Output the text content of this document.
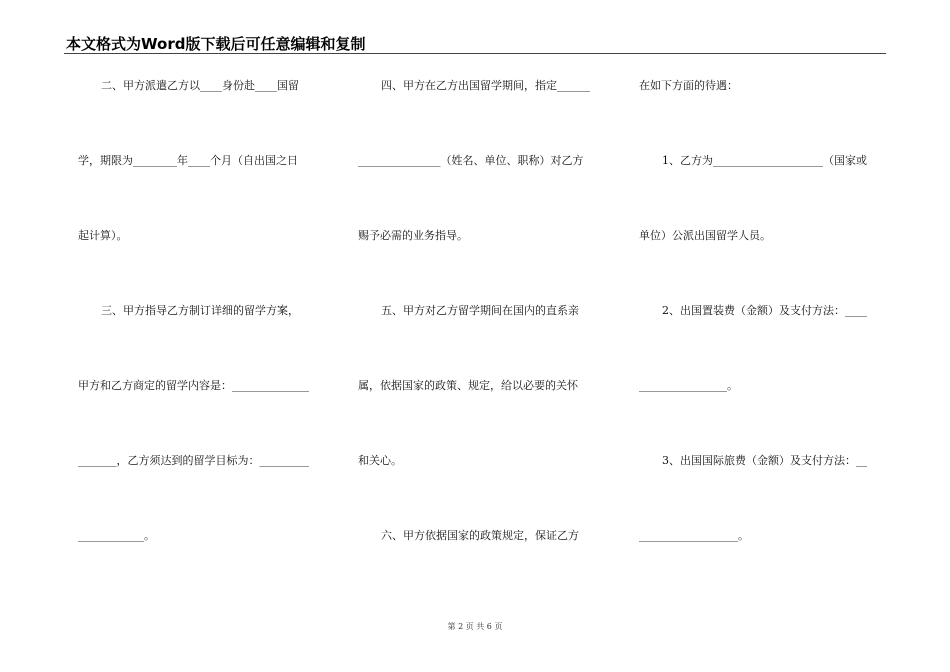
本文格式为Word版下载后可任意编辑和复制
二、甲方派遣乙方以____身份赴____国留
学，期限为________年____个月（自出国之日
起计算）。
三、甲方指导乙方制订详细的留学方案，
甲方和乙方商定的留学内容是：______________
_______，乙方须达到的留学目标为：_________
____________。
四、甲方在乙方出国留学期间，指定______
_______________（姓名、单位、职称）对乙方
赐予必需的业务指导。
五、甲方对乙方留学期间在国内的直系亲
属，依据国家的政策、规定，给以必要的关怀
和关心。
六、甲方依据国家的政策规定，保证乙方
在如下方面的待遇：
1、乙方为____________________（国家或
单位）公派出国留学人员。
2、出国置装费（金额）及支付方法：____
________________。
3、出国国际旅费（金额）及支付方法：__
__________________。
第 2 页 共 6 页
